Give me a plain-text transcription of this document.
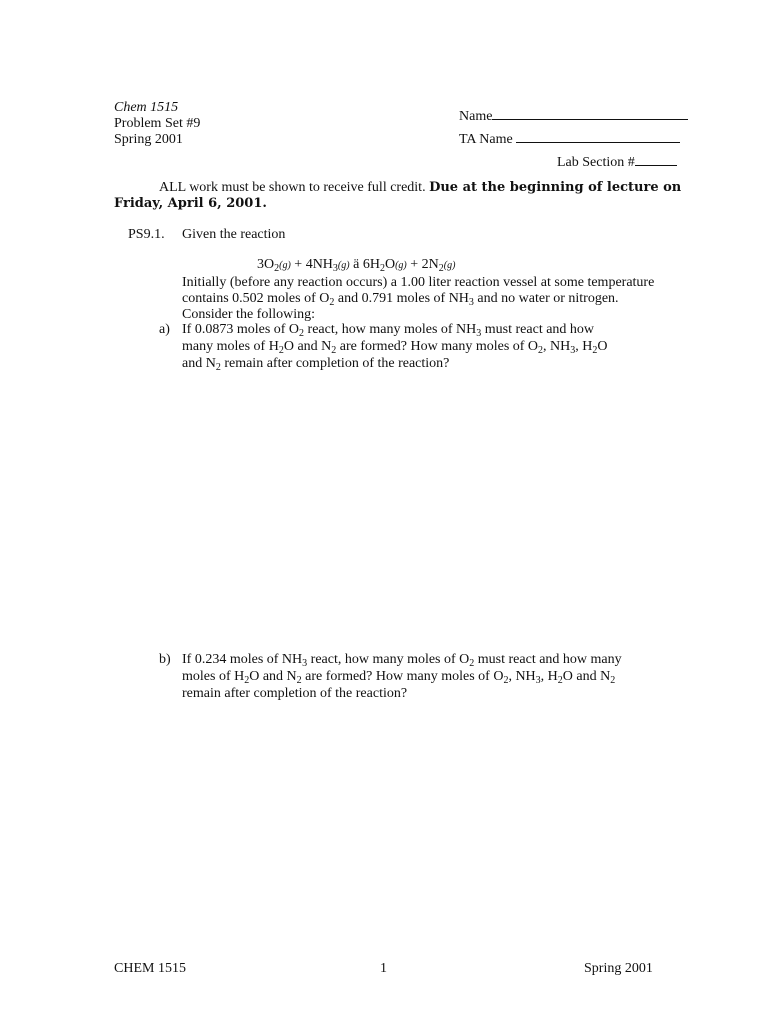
Chem 1515
Problem Set #9
Spring 2001
Name
TA Name
Lab Section #
ALL work must be shown to receive full credit. Due at the beginning of lecture on
Friday, April 6, 2001.
PS9.1. Given the reaction
$3O_2(g) + 4NH_3(g)$ ä $6H_2O(g) + 2N_2(g)$
Initially (before any reaction occurs) a 1.00 liter reaction vessel at some temperature
contains 0.502 moles of $O_2$ and 0.791 moles of $NH_3$ and no water or nitrogen.
Consider the following:
a) If 0.0873 moles of $O_2$ react, how many moles of $NH_3$ must react and how
many moles of $H_2O$ and $N_2$ are formed? How many moles of $O_2$, $NH_3$, $H_2O$
and $N_2$ remain after completion of the reaction?
b) If 0.234 moles of $NH_3$ react, how many moles of $O_2$ must react and how many
moles of $H_2O$ and $N_2$ are formed? How many moles of $O_2$, $NH_3$, $H_2O$ and $N_2$
remain after completion of the reaction?
CHEM 1515	1	Spring 2001
